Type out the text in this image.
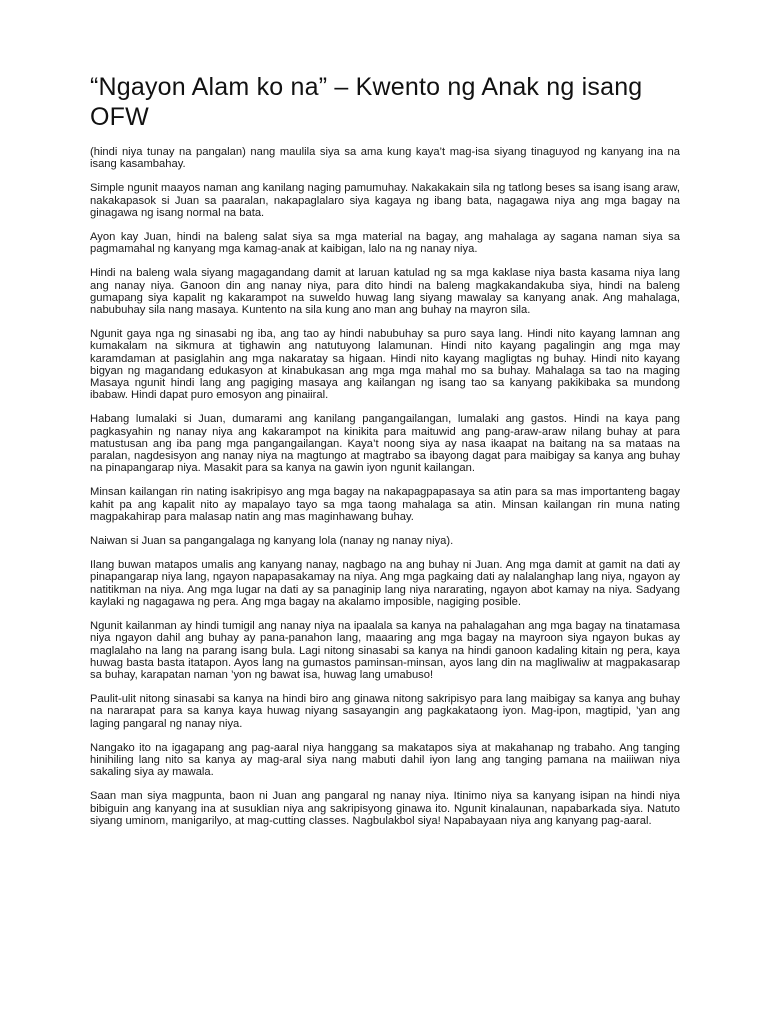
“Ngayon Alam ko na” – Kwento ng Anak ng isang OFW

(hindi niya tunay na pangalan) nang maulila siya sa ama kung kaya’t mag-isa siyang tinaguyod ng kanyang ina na isang kasambahay.

Simple ngunit maayos naman ang kanilang naging pamumuhay. Nakakakain sila ng tatlong beses sa isang isang araw, nakakapasok si Juan sa paaralan, nakapaglalaro siya kagaya ng ibang bata, nagagawa niya ang mga bagay na ginagawa ng isang normal na bata.

Ayon kay Juan, hindi na baleng salat siya sa mga material na bagay, ang mahalaga ay sagana naman siya sa pagmamahal ng kanyang mga kamag-anak at kaibigan, lalo na ng nanay niya.

Hindi na baleng wala siyang magagandang damit at laruan katulad ng sa mga kaklase niya basta kasama niya lang ang nanay niya. Ganoon din ang nanay niya, para dito hindi na baleng magkakandakuba siya, hindi na baleng gumapang siya kapalit ng kakarampot na suweldo huwag lang siyang mawalay sa kanyang anak. Ang mahalaga, nabubuhay sila nang masaya. Kuntento na sila kung ano man ang buhay na mayron sila.

Ngunit gaya nga ng sinasabi ng iba, ang tao ay hindi nabubuhay sa puro saya lang. Hindi nito kayang lamnan ang kumakalam na sikmura at tighawin ang natutuyong lalamunan. Hindi nito kayang pagalingin ang mga may karamdaman at pasiglahin ang mga nakaratay sa higaan. Hindi nito kayang magligtas ng buhay. Hindi nito kayang bigyan ng magandang edukasyon at kinabukasan ang mga mga mahal mo sa buhay. Mahalaga sa tao na maging Masaya ngunit hindi lang ang pagiging masaya ang kailangan ng isang tao sa kanyang pakikibaka sa mundong ibabaw. Hindi dapat puro emosyon ang pinaiiral.

Habang lumalaki si Juan, dumarami ang kanilang pangangailangan, lumalaki ang gastos. Hindi na kaya pang pagkasyahin ng nanay niya ang kakarampot na kinikita para maituwid ang pang-araw-araw nilang buhay at para matustusan ang iba pang mga pangangailangan. Kaya’t noong siya ay nasa ikaapat na baitang na sa mataas na paralan, nagdesisyon ang nanay niya na magtungo at magtrabo sa ibayong dagat para maibigay sa kanya ang buhay na pinapangarap niya. Masakit para sa kanya na gawin iyon ngunit kailangan.

Minsan kailangan rin nating isakripisyo ang mga bagay na nakapagpapasaya sa atin para sa mas importanteng bagay kahit pa ang kapalit nito ay mapalayo tayo sa mga taong mahalaga sa atin. Minsan kailangan rin muna nating magpakahirap para malasap natin ang mas maginhawang buhay.

Naiwan si Juan sa pangangalaga ng kanyang lola (nanay ng nanay niya).

Ilang buwan matapos umalis ang kanyang nanay, nagbago na ang buhay ni Juan. Ang mga damit at gamit na dati ay pinapangarap niya lang, ngayon napapasakamay na niya. Ang mga pagkaing dati ay nalalanghap lang niya, ngayon ay natitikman na niya. Ang mga lugar na dati ay sa panaginip lang niya nararating, ngayon abot kamay na niya. Sadyang kaylaki ng nagagawa ng pera. Ang mga bagay na akalamo imposible, nagiging posible.

Ngunit kailanman ay hindi tumigil ang nanay niya na ipaalala sa kanya na pahalagahan ang mga bagay na tinatamasa niya ngayon dahil ang buhay ay pana-panahon lang, maaaring ang mga bagay na mayroon siya ngayon bukas ay maglalaho na lang na parang isang bula. Lagi nitong sinasabi sa kanya na hindi ganoon kadaling kitain ng pera, kaya huwag basta basta itatapon. Ayos lang na gumastos paminsan-minsan, ayos lang din na magliwaliw at magpakasarap sa buhay, karapatan naman ’yon ng bawat isa, huwag lang umabuso!

Paulit-ulit nitong sinasabi sa kanya na hindi biro ang ginawa nitong sakripisyo para lang maibigay sa kanya ang buhay na nararapat para sa kanya kaya huwag niyang sasayangin ang pagkakataong iyon. Mag-ipon, magtipid, ’yan ang laging pangaral ng nanay niya.

Nangako ito na igagapang ang pag-aaral niya hanggang sa makatapos siya at makahanap ng trabaho. Ang tanging hinihiling lang nito sa kanya ay mag-aral siya nang mabuti dahil iyon lang ang tanging pamana na maiiiwan niya sakaling siya ay mawala.

Saan man siya magpunta, baon ni Juan ang pangaral ng nanay niya. Itinimo niya sa kanyang isipan na hindi niya bibiguin ang kanyang ina at susuklian niya ang sakripisyong ginawa ito. Ngunit kinalaunan, napabarkada siya. Natuto siyang uminom, manigarilyo, at mag-cutting classes. Nagbulakbol siya! Napabayaan niya ang kanyang pag-aaral.
